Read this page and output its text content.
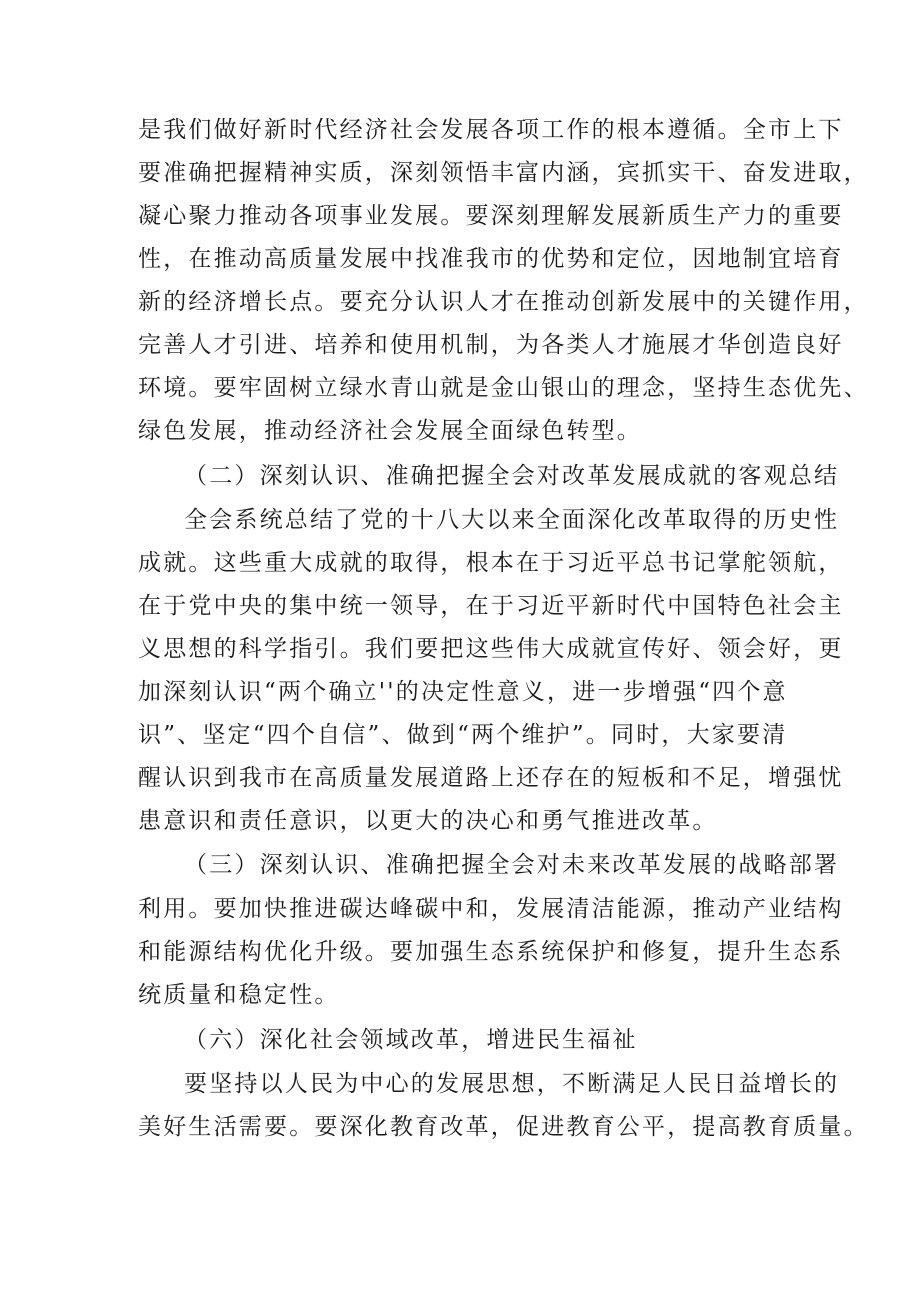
是我们做好新时代经济社会发展各项工作的根本遵循。全市上下
要准确把握精神实质，深刻领悟丰富内涵，宾抓实干、奋发进取，
凝心聚力推动各项事业发展。要深刻理解发展新质生产力的重要
性，在推动高质量发展中找准我市的优势和定位，因地制宜培育
新的经济增长点。要充分认识人才在推动创新发展中的关键作用，
完善人才引进、培养和使用机制，为各类人才施展才华创造良好
环境。要牢固树立绿水青山就是金山银山的理念，坚持生态优先、
绿色发展，推动经济社会发展全面绿色转型。
（二）深刻认识、准确把握全会对改革发展成就的客观总结
全会系统总结了党的十八大以来全面深化改革取得的历史性
成就。这些重大成就的取得，根本在于习近平总书记掌舵领航，
在于党中央的集中统一领导，在于习近平新时代中国特色社会主
义思想的科学指引。我们要把这些伟大成就宣传好、领会好，更
加深刻认识“两个确立''的决定性意义，进一步增强“四个意
识”、坚定“四个自信”、做到“两个维护”。同时，大家要清
醒认识到我市在高质量发展道路上还存在的短板和不足，增强忧
患意识和责任意识，以更大的决心和勇气推进改革。
（三）深刻认识、准确把握全会对未来改革发展的战略部署
利用。要加快推进碳达峰碳中和，发展清洁能源，推动产业结构
和能源结构优化升级。要加强生态系统保护和修复，提升生态系
统质量和稳定性。
（六）深化社会领域改革，增进民生福祉
要坚持以人民为中心的发展思想，不断满足人民日益增长的
美好生活需要。要深化教育改革，促进教育公平，提高教育质量。
